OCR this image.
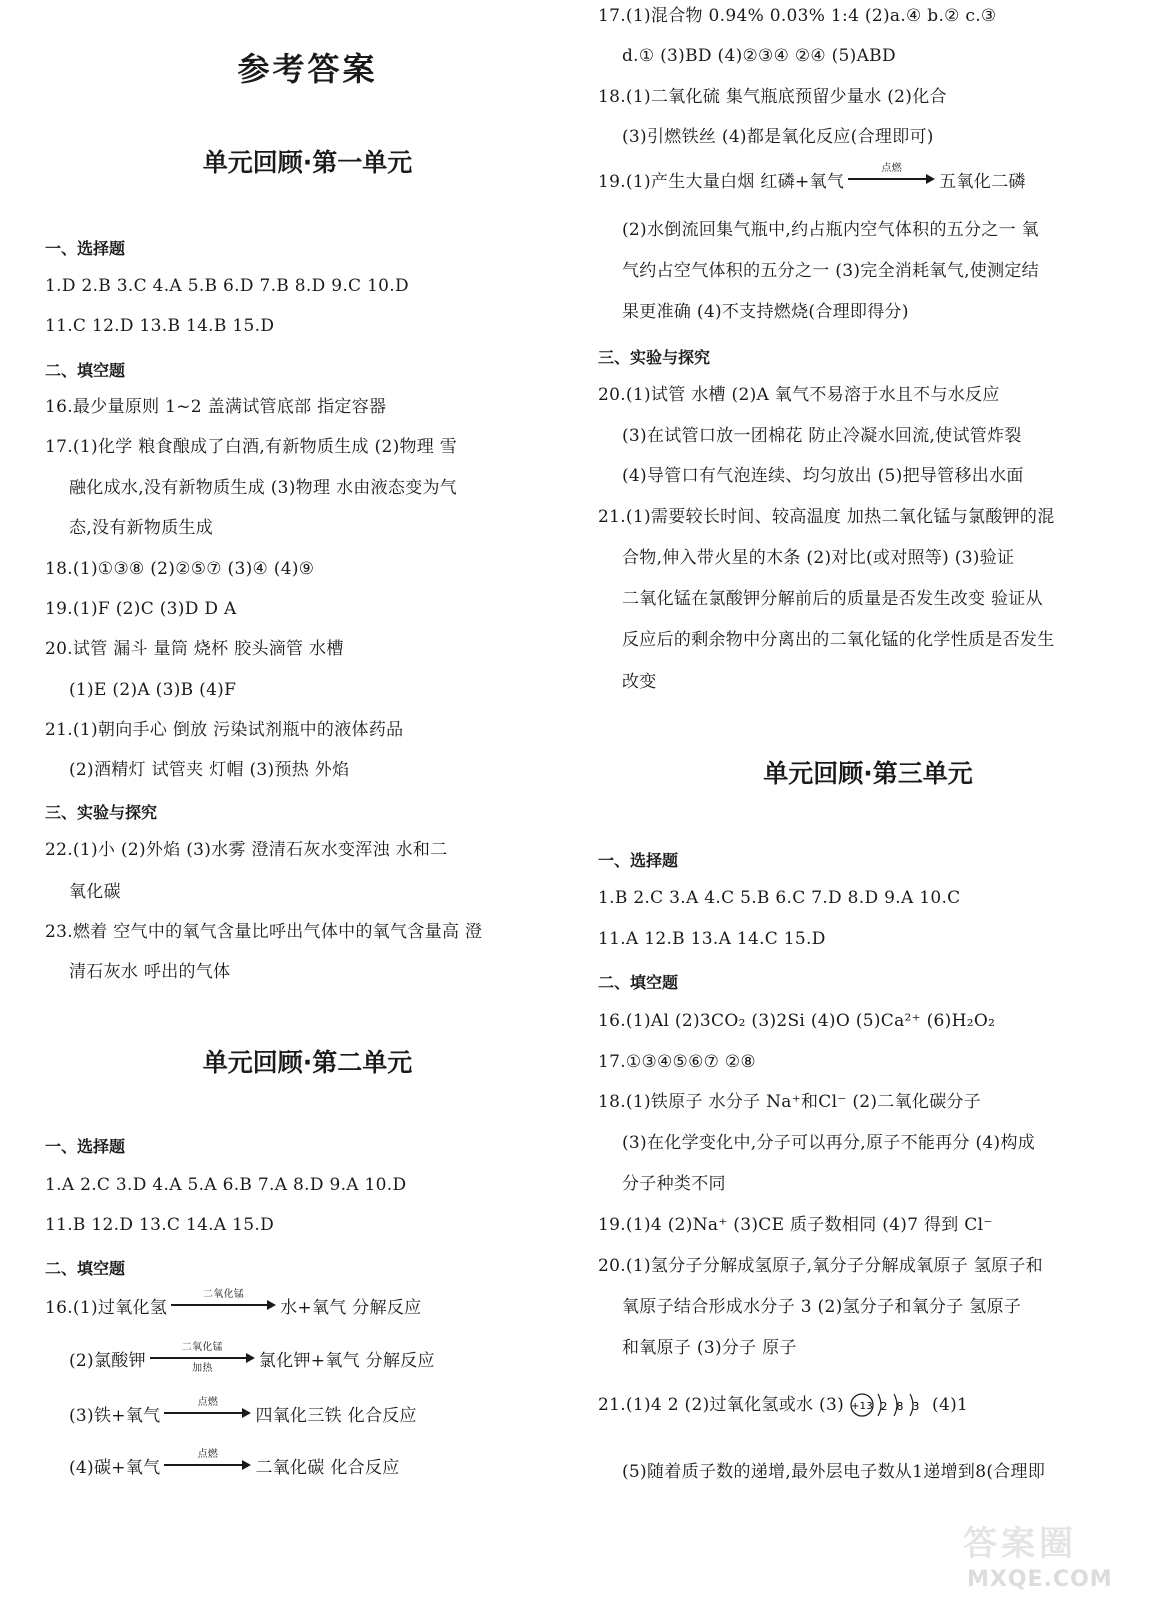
参考答案
单元回顾·第一单元
一、选择题
1.D 2.B 3.C 4.A 5.B 6.D 7.B 8.D 9.C 10.D
11.C 12.D 13.B 14.B 15.D
二、填空题
16.最少量原则 1~2 盖满试管底部 指定容器
17.(1)化学 粮食酿成了白酒,有新物质生成 (2)物理 雪
融化成水,没有新物质生成 (3)物理 水由液态变为气
态,没有新物质生成
18.(1)①③⑧ (2)②⑤⑦ (3)④ (4)⑨
19.(1)F (2)C (3)D D A
20.试管 漏斗 量筒 烧杯 胶头滴管 水槽
(1)E (2)A (3)B (4)F
21.(1)朝向手心 倒放 污染试剂瓶中的液体药品
(2)酒精灯 试管夹 灯帽 (3)预热 外焰
三、实验与探究
22.(1)小 (2)外焰 (3)水雾 澄清石灰水变浑浊 水和二
氧化碳
23.燃着 空气中的氧气含量比呼出气体中的氧气含量高 澄
清石灰水 呼出的气体
单元回顾·第二单元
一、选择题
1.A 2.C 3.D 4.A 5.A 6.B 7.A 8.D 9.A 10.D
11.B 12.D 13.C 14.A 15.D
二、填空题
16.(1)过氧化氢
二氧化锰

水+氧气 分解反应
(2)氯酸钾
二氧化锰
加热	氯化钾+氧气 分解反应
(3)铁+氧气
点燃

四氧化三铁 化合反应
(4)碳+氧气
点燃

二氧化碳 化合反应
17.(1)混合物 0.94% 0.03% 1:4 (2)a.④ b.② c.③
d.① (3)BD (4)②③④ ②④ (5)ABD
18.(1)二氧化硫 集气瓶底预留少量水 (2)化合
(3)引燃铁丝 (4)都是氧化反应(合理即可)
19.(1)产生大量白烟 红磷+氧气
点燃

五氧化二磷
(2)水倒流回集气瓶中,约占瓶内空气体积的五分之一 氧
气约占空气体积的五分之一 (3)完全消耗氧气,使测定结
果更准确 (4)不支持燃烧(合理即得分)
三、实验与探究
20.(1)试管 水槽 (2)A 氧气不易溶于水且不与水反应
(3)在试管口放一团棉花 防止冷凝水回流,使试管炸裂
(4)导管口有气泡连续、均匀放出 (5)把导管移出水面
21.(1)需要较长时间、较高温度 加热二氧化锰与氯酸钾的混
合物,伸入带火星的木条 (2)对比(或对照等) (3)验证
二氧化锰在氯酸钾分解前后的质量是否发生改变 验证从
反应后的剩余物中分离出的二氧化锰的化学性质是否发生
改变
单元回顾·第三单元
一、选择题
1.B 2.C 3.A 4.C 5.B 6.C 7.D 8.D 9.A 10.C
11.A 12.B 13.A 14.C 15.D
二、填空题
16.(1)Al (2)3CO₂ (3)2Si (4)O (5)Ca²⁺ (6)H₂O₂
17.①③④⑤⑥⑦ ②⑧
18.(1)铁原子 水分子 Na⁺和Cl⁻ (2)二氧化碳分子
(3)在化学变化中,分子可以再分,原子不能再分 (4)构成
分子种类不同
19.(1)4 (2)Na⁺ (3)CE 质子数相同 (4)7 得到 Cl⁻
20.(1)氢分子分解成氢原子,氧分子分解成氧原子 氢原子和
氧原子结合形成水分子 3 (2)氢分子和氧分子 氢原子
和氧原子 (3)分子 原子
21.(1)4 2 (2)过氧化氢或水 (3) +13 2 8 3 (4)1
(5)随着质子数的递增,最外层电子数从1递增到8(合理即
答案圈
MXQE.COM
